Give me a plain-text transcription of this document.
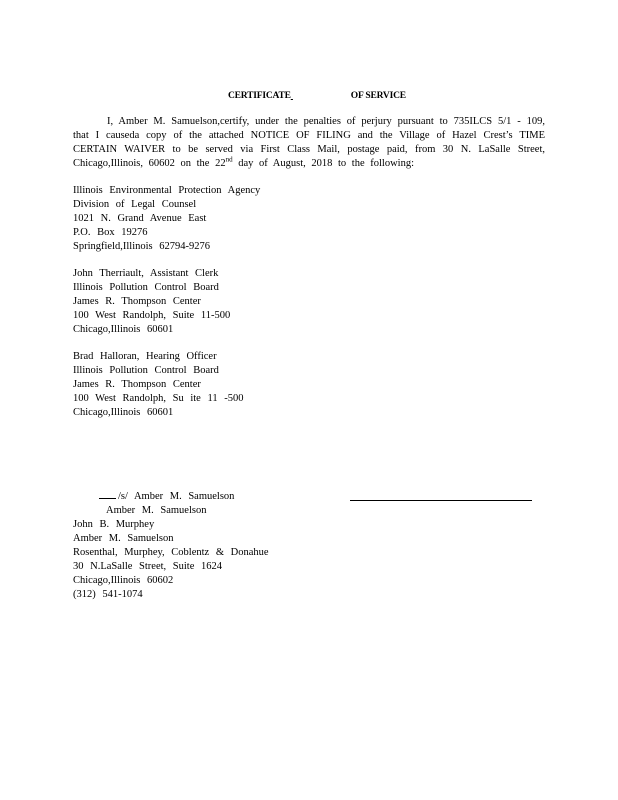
CERTIFICATE	OF SERVICE
I, Amber M. Samuelson,certify, under the penalties of perjury pursuant to 735ILCS 5/1 - 109, that I causeda copy of the attached NOTICE OF FILING and the Village of Hazel Crest’s TIME CERTAIN WAIVER to be served via First Class Mail, postage paid, from 30 N. LaSalle Street, Chicago,Illinois, 60602 on the 22nd day of August, 2018 to the following:
Illinois Environmental Protection Agency
Division of Legal Counsel
1021 N. Grand Avenue East
P.O. Box 19276
Springfield,Illinois 62794-9276
John Therriault, Assistant Clerk
Illinois Pollution Control Board
James R. Thompson Center
100 West Randolph, Suite 11-500
Chicago,Illinois 60601
Brad Halloran, Hearing Officer
Illinois Pollution Control Board
James R. Thompson Center
100 West Randolph, Su ite 11 -500
Chicago,Illinois 60601
/s/ Amber M. Samuelson
Amber M. Samuelson
John B. Murphey
Amber M. Samuelson
Rosenthal, Murphey, Coblentz & Donahue
30 N.LaSalle Street, Suite 1624
Chicago,Illinois 60602
(312) 541-1074
